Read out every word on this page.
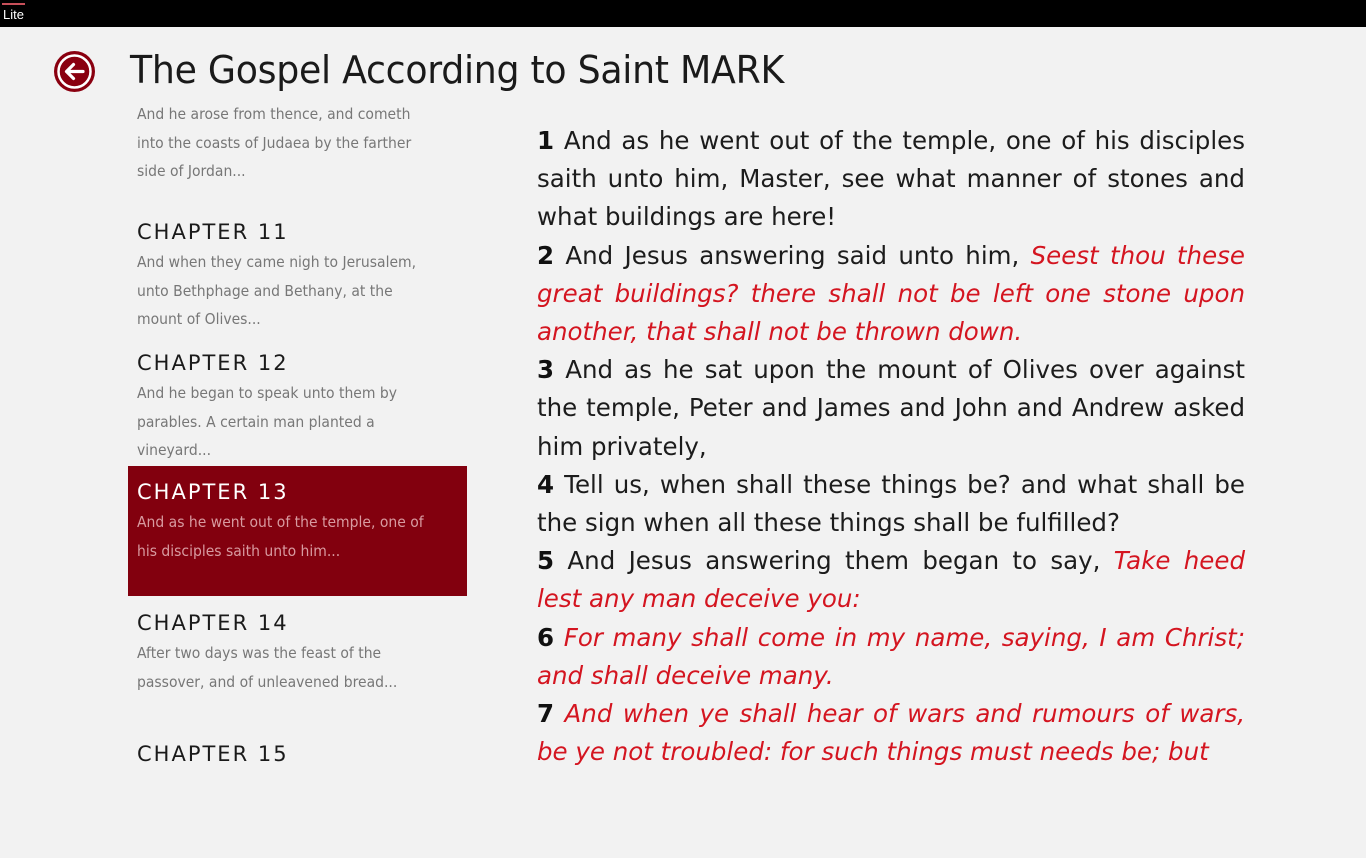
Lite
The Gospel According to Saint MARK
And he arose from thence, and cometh into the coasts of Judaea by the farther side of Jordan...
CHAPTER 11
And when they came nigh to Jerusalem, unto Bethphage and Bethany, at the mount of Olives...
CHAPTER 12
And he began to speak unto them by parables. A certain man planted a vineyard...
CHAPTER 13
And as he went out of the temple, one of his disciples saith unto him...
CHAPTER 14
After two days was the feast of the passover, and of unleavened bread...
CHAPTER 15

1 And as he went out of the temple, one of his disciples saith unto him, Master, see what manner of stones and what buildings are here!

2 And Jesus answering said unto him, Seest thou these great buildings? there shall not be left one stone upon another, that shall not be thrown down.

3 And as he sat upon the mount of Olives over against the temple, Peter and James and John and Andrew asked him privately,

4 Tell us, when shall these things be? and what shall be the sign when all these things shall be fulfilled?

5 And Jesus answering them began to say, Take heed lest any man deceive you:

6 For many shall come in my name, saying, I am Christ; and shall deceive many.

7 And when ye shall hear of wars and rumours of wars, be ye not troubled: for such things must needs be; but
